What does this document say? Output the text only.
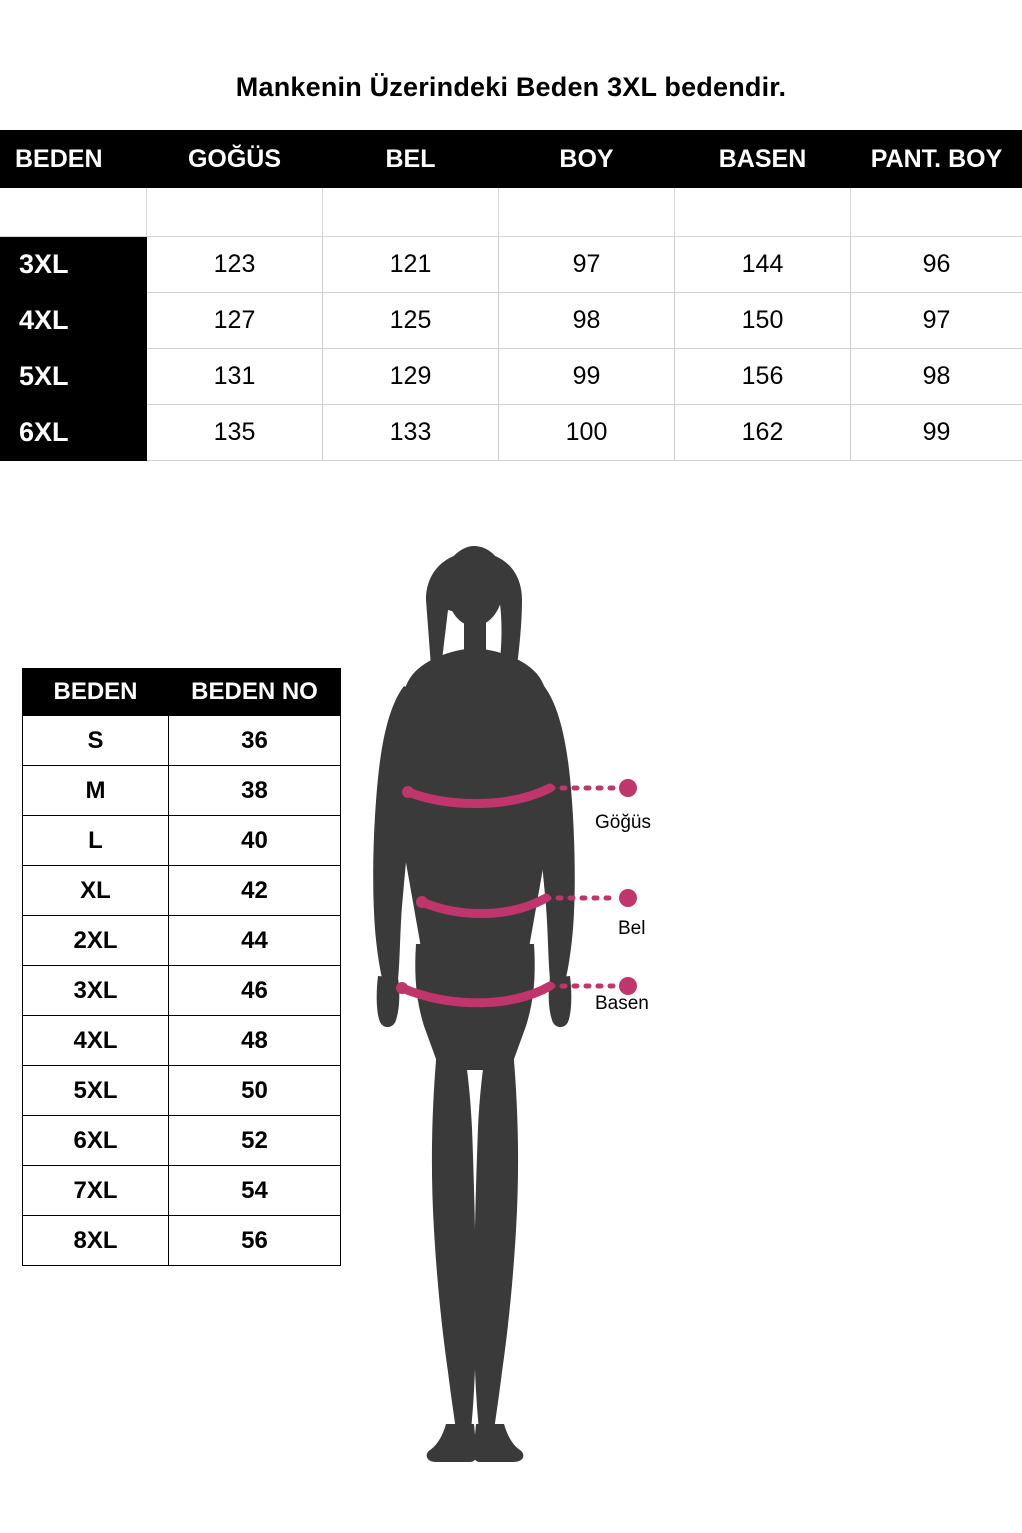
Mankenin Üzerindeki Beden 3XL bedendir.

BEDEN	GOĞÜS	BEL	BOY	BASEN	PANT. BOY
3XL	123	121	97	144	96
4XL	127	125	98	150	97
5XL	131	129	99	156	98
6XL	135	133	100	162	99
BEDEN	BEDEN NO
S	36
M	38
L	40
XL	42
2XL	44
3XL	46
4XL	48
5XL	50
6XL	52
7XL	54
8XL	56
Göğüs
Bel
Basen
